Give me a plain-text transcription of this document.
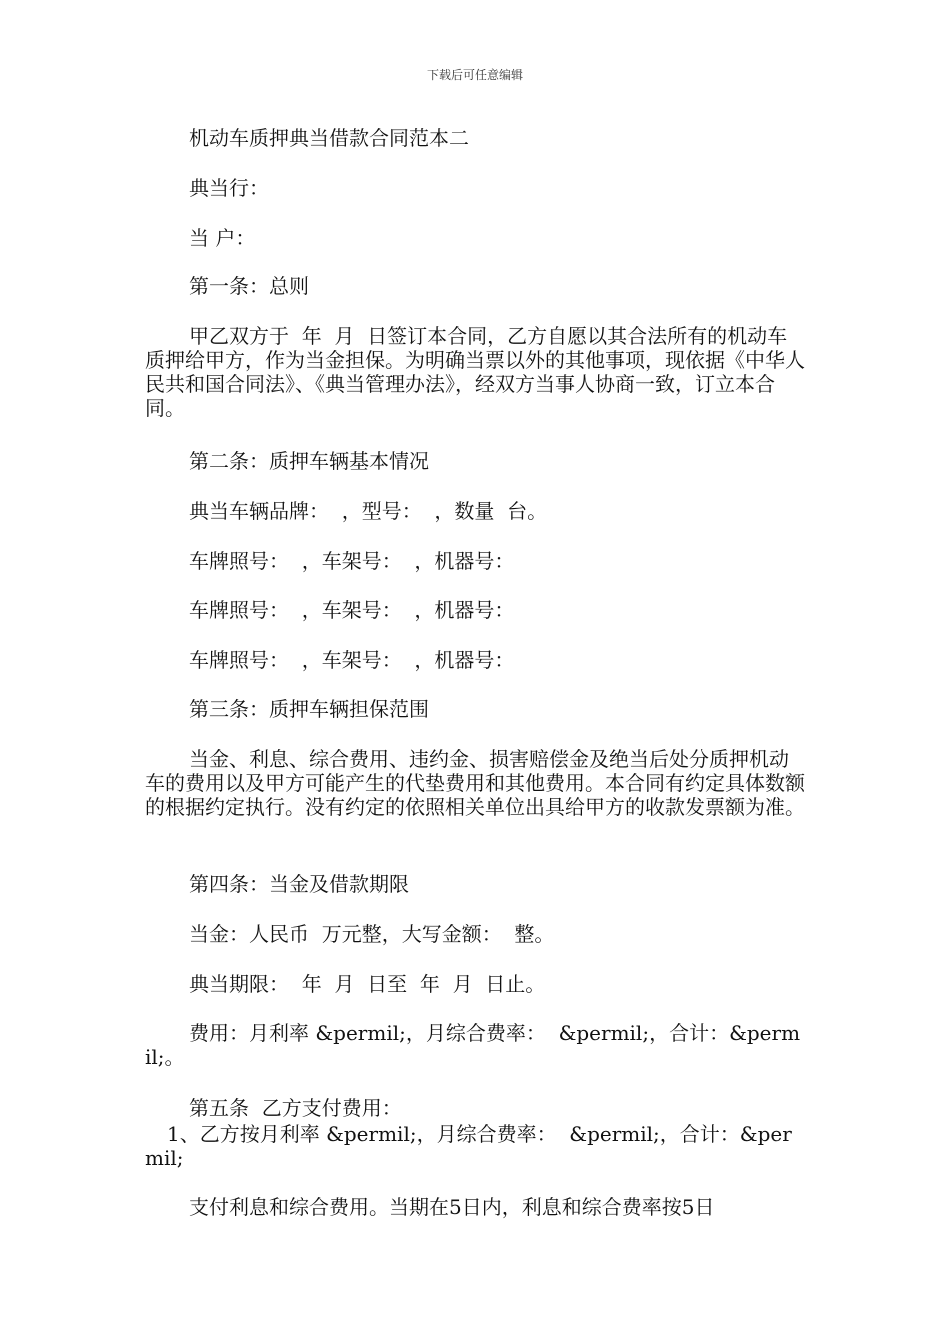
下载后可任意编辑
机动车质押典当借款合同范本二
典当行：
当 户：
第一条：总则
甲乙双方于  年  月  日签订本合同，乙方自愿以其合法所有的机动车质押给甲方，作为当金担保。为明确当票以外的其他事项，现依据《中华人民共和国合同法》、《典当管理办法》，经双方当事人协商一致，订立本合同。
第二条：质押车辆基本情况
典当车辆品牌：  ，型号：  ，数量  台。
车牌照号：  ，车架号：  ，机器号：
车牌照号：  ，车架号：  ，机器号：
车牌照号：  ，车架号：  ，机器号：
第三条：质押车辆担保范围
当金、利息、综合费用、违约金、损害赔偿金及绝当后处分质押机动车的费用以及甲方可能产生的代垫费用和其他费用。本合同有约定具体数额的根据约定执行。没有约定的依照相关单位出具给甲方的收款发票额为准。
第四条：当金及借款期限
当金：人民币  万元整，大写金额：  整。
典当期限：  年  月  日至  年  月  日止。
费用：月利率 &permil;，月综合费率：  &permil;，合计：&permil;。
第五条  乙方支付费用：
1、乙方按月利率 &permil;，月综合费率：  &permil;，合计：&permil;
支付利息和综合费用。当期在5日内，利息和综合费率按5日
